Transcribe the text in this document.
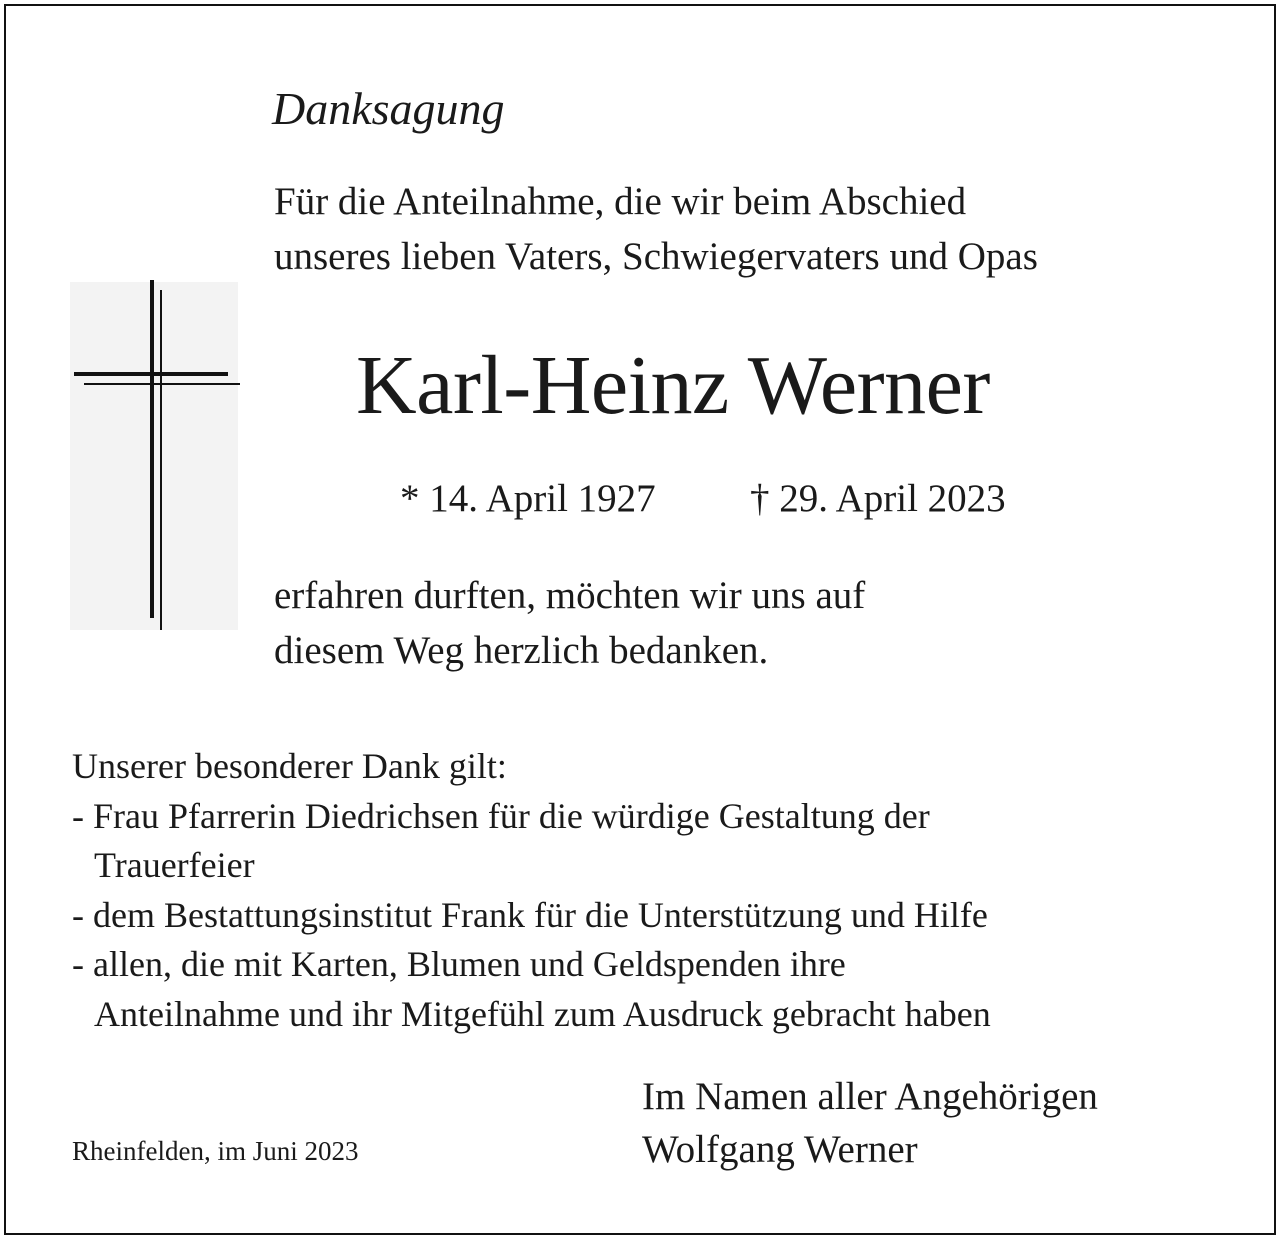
Danksagung
Für die Anteilnahme, die wir beim Abschied
unseres lieben Vaters, Schwiegervaters und Opas
Karl-Heinz Werner
* 14. April 1927 † 29. April 2023
erfahren durften, möchten wir uns auf
diesem Weg herzlich bedanken.
Unserer besonderer Dank gilt:
- Frau Pfarrerin Diedrichsen für die würdige Gestaltung der
Trauerfeier
- dem Bestattungsinstitut Frank für die Unterstützung und Hilfe
- allen, die mit Karten, Blumen und Geldspenden ihre
Anteilnahme und ihr Mitgefühl zum Ausdruck gebracht haben
Im Namen aller Angehörigen
Wolfgang Werner
Rheinfelden, im Juni 2023
